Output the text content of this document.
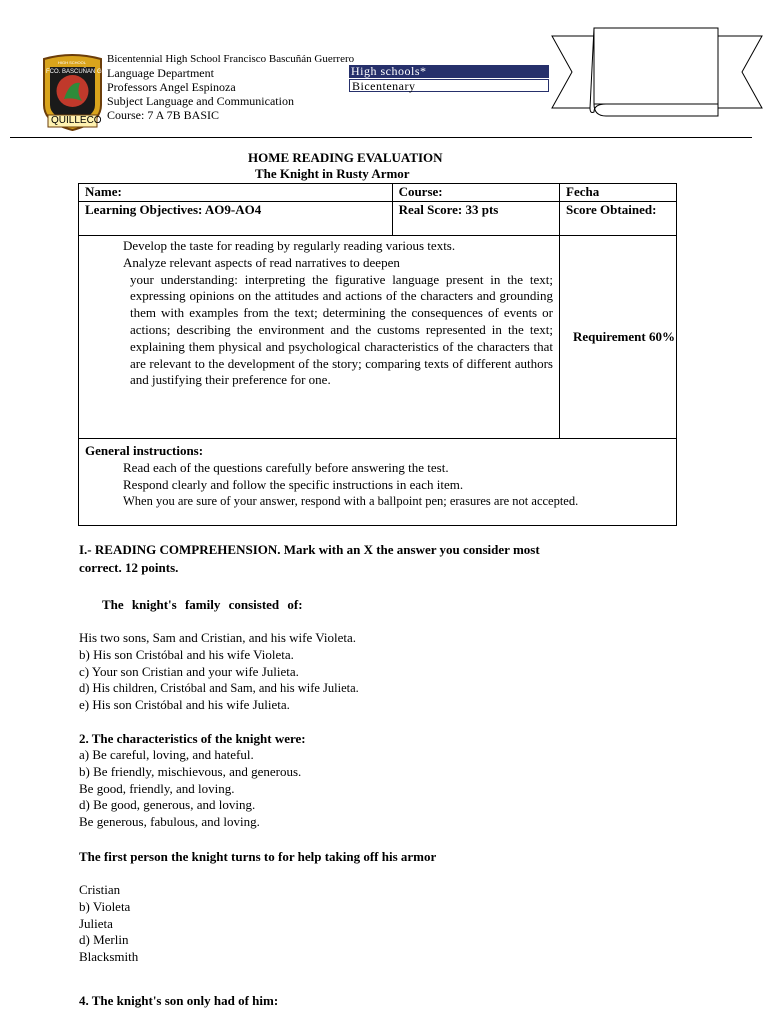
HIGH SCHOOL
FCO. BASCUÑAN G.
QUILLECO
Bicentennial High School Francisco Bascuñán Guerrero
Language Department
Professors Angel Espinoza
Subject Language and Communication
Course: 7 A 7B BASIC
High schools*
Bicentenary
HOME READING EVALUATION
The Knight in Rusty Armor
Name:	Course:	Fecha
Learning Objectives: AO9-AO4	Real Score: 33 pts	Score Obtained:

Develop the taste for reading by regularly reading various texts.
Analyze relevant aspects of read narratives to deepen
your understanding: interpreting the figurative language present in the text; expressing opinions on the attitudes and actions of the characters and grounding them with examples from the text; determining the consequences of events or actions; describing the environment and the customs represented in the text; explaining them physical and psychological characteristics of the characters that are relevant to the development of the story; comparing texts of different authors and justifying their preference for one.		Requirement 60%

General instructions:
Read each of the questions carefully before answering the test.
Respond clearly and follow the specific instructions in each item.
When you are sure of your answer, respond with a ballpoint pen; erasures are not accepted.		
I.- READING COMPREHENSION. Mark with an X the answer you consider most
correct. 12 points.
The knight's family consisted of:
His two sons, Sam and Cristian, and his wife Violeta.
b) His son Cristóbal and his wife Violeta.
c) Your son Cristian and your wife Julieta.
d) His children, Cristóbal and Sam, and his wife Julieta.
e) His son Cristóbal and his wife Julieta.
2. The characteristics of the knight were:
a) Be careful, loving, and hateful.
b) Be friendly, mischievous, and generous.
Be good, friendly, and loving.
d) Be good, generous, and loving.
Be generous, fabulous, and loving.
The first person the knight turns to for help taking off his armor
Cristian
b) Violeta
Julieta
d) Merlin
Blacksmith
4. The knight's son only had of him:
